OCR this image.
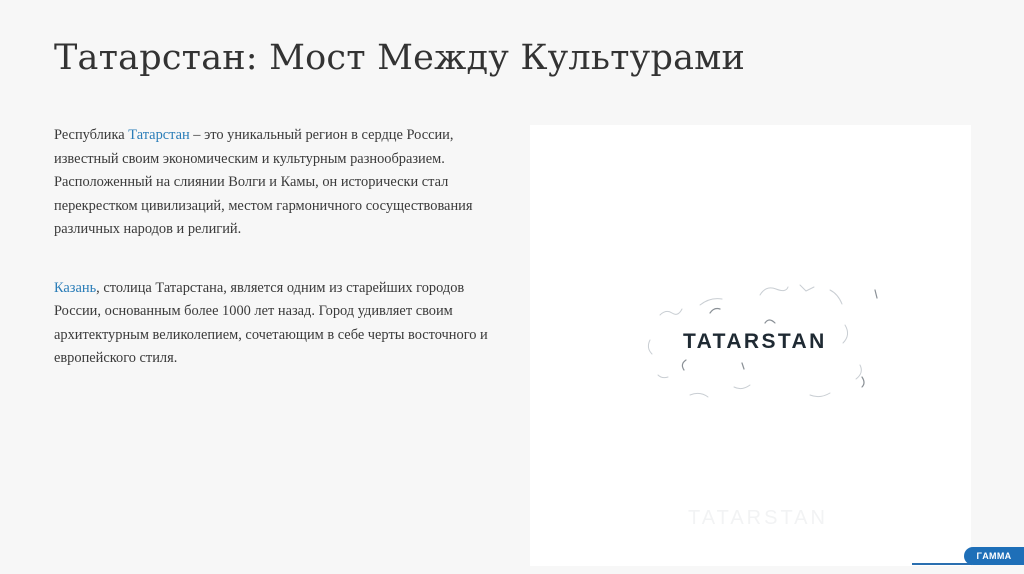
Татарстан: Мост Между Культурами

Республика Татарстан – это уникальный регион в сердце России, известный своим экономическим и культурным разнообразием. Расположенный на слиянии Волги и Камы, он исторически стал перекрестком цивилизаций, местом гармоничного сосуществования различных народов и религий.

Казань, столица Татарстана, является одним из старейших городов России, основанным более 1000 лет назад. Город удивляет своим архитектурным великолепием, сочетающим в себе черты восточного и европейского стиля.

TATARSTAN
TATARSTAN
ΓAMMA
